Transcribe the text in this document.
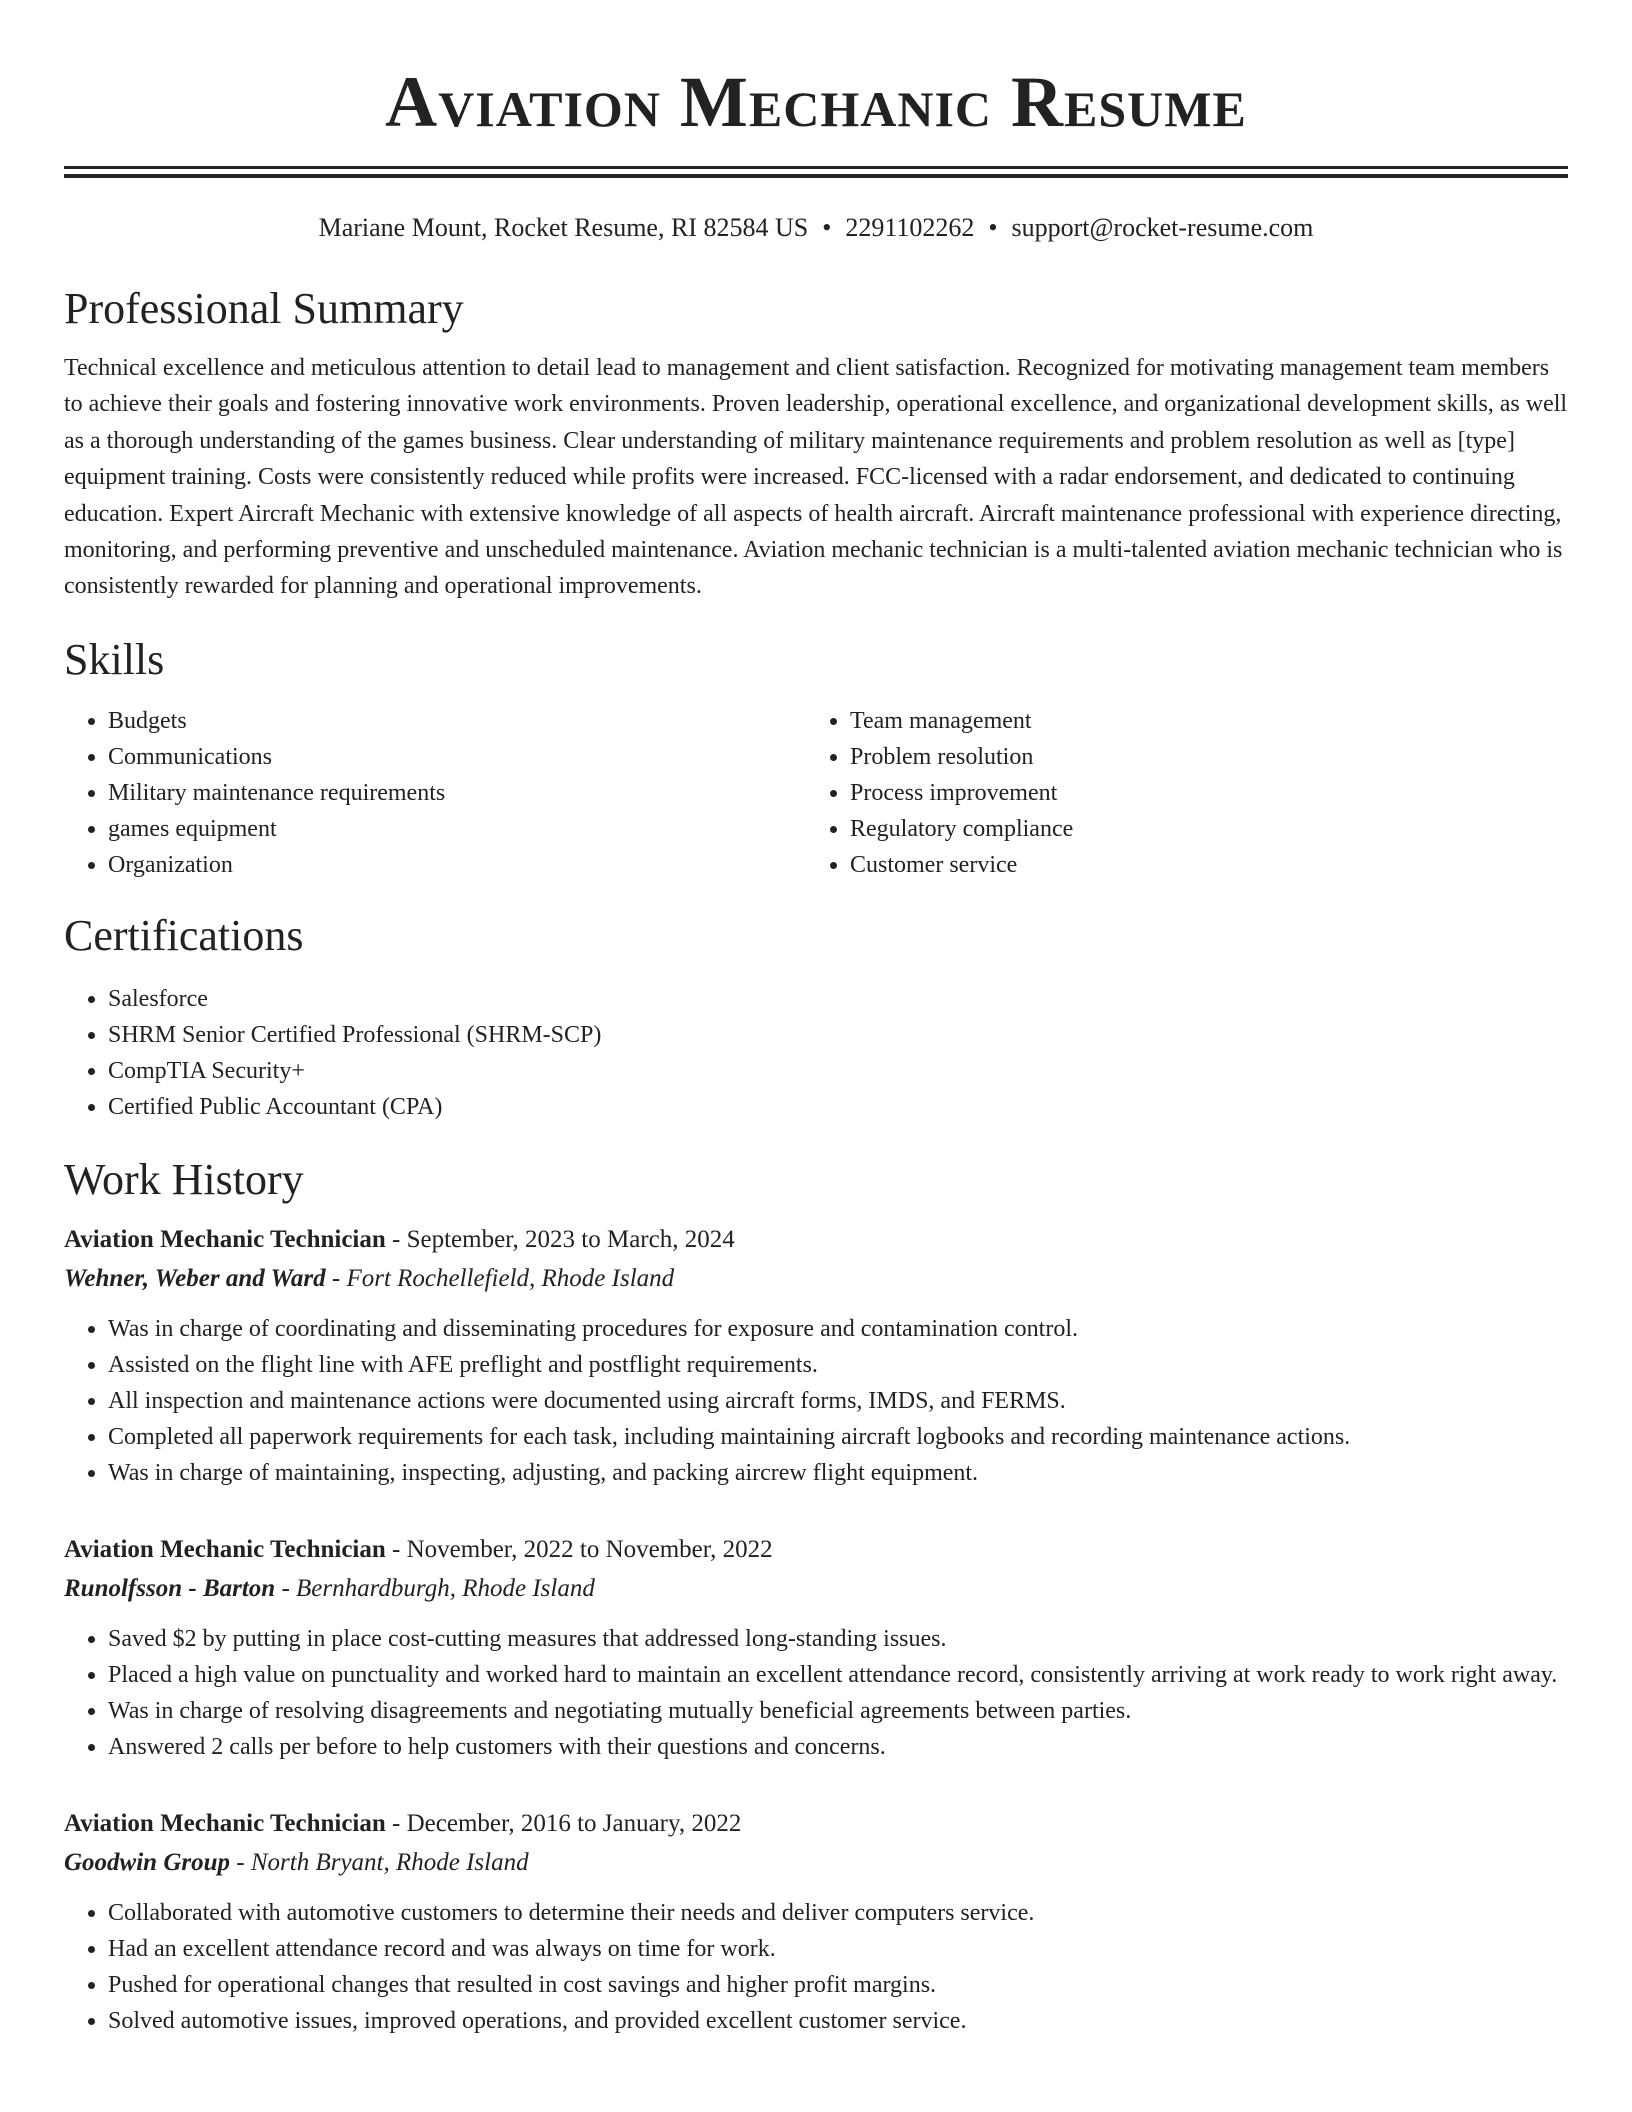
Aviation Mechanic Resume
Mariane Mount, Rocket Resume, RI 82584 US • 2291102262 • support@rocket-resume.com
Professional Summary

Technical excellence and meticulous attention to detail lead to management and client satisfaction. Recognized for motivating management team members to achieve their goals and fostering innovative work environments. Proven leadership, operational excellence, and organizational development skills, as well as a thorough understanding of the games business. Clear understanding of military maintenance requirements and problem resolution as well as [type] equipment training. Costs were consistently reduced while profits were increased. FCC-licensed with a radar endorsement, and dedicated to continuing education. Expert Aircraft Mechanic with extensive knowledge of all aspects of health aircraft. Aircraft maintenance professional with experience directing, monitoring, and performing preventive and unscheduled maintenance. Aviation mechanic technician is a multi-talented aviation mechanic technician who is consistently rewarded for planning and operational improvements.

Skills
• Budgets
• Communications
• Military maintenance requirements
• games equipment
• Organization
• Team management
• Problem resolution
• Process improvement
• Regulatory compliance
• Customer service
Certifications
• Salesforce
• SHRM Senior Certified Professional (SHRM-SCP)
• CompTIA Security+
• Certified Public Accountant (CPA)
Work History
Aviation Mechanic Technician - September, 2023 to March, 2024
Wehner, Weber and Ward - Fort Rochellefield, Rhode Island
• Was in charge of coordinating and disseminating procedures for exposure and contamination control.
• Assisted on the flight line with AFE preflight and postflight requirements.
• All inspection and maintenance actions were documented using aircraft forms, IMDS, and FERMS.
• Completed all paperwork requirements for each task, including maintaining aircraft logbooks and recording maintenance actions.
• Was in charge of maintaining, inspecting, adjusting, and packing aircrew flight equipment.
Aviation Mechanic Technician - November, 2022 to November, 2022
Runolfsson - Barton - Bernhardburgh, Rhode Island
• Saved $2 by putting in place cost-cutting measures that addressed long-standing issues.
• Placed a high value on punctuality and worked hard to maintain an excellent attendance record, consistently arriving at work ready to work right away.
• Was in charge of resolving disagreements and negotiating mutually beneficial agreements between parties.
• Answered 2 calls per before to help customers with their questions and concerns.
Aviation Mechanic Technician - December, 2016 to January, 2022
Goodwin Group - North Bryant, Rhode Island
• Collaborated with automotive customers to determine their needs and deliver computers service.
• Had an excellent attendance record and was always on time for work.
• Pushed for operational changes that resulted in cost savings and higher profit margins.
• Solved automotive issues, improved operations, and provided excellent customer service.
